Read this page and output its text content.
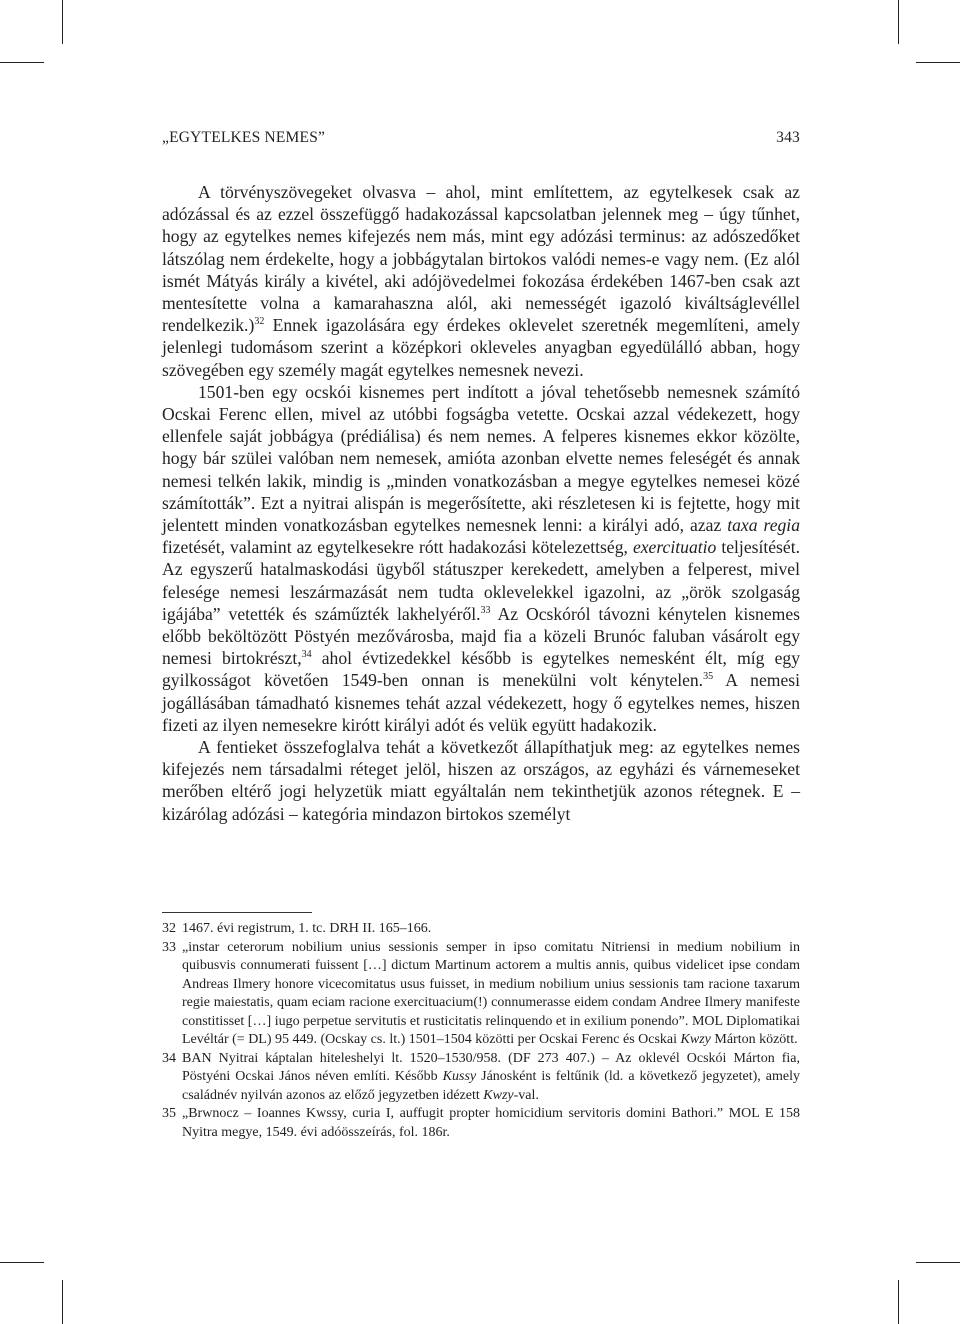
„EGYTELKES NEMES”	343

A törvényszövegeket olvasva – ahol, mint említettem, az egytelkesek csak az adózással és az ezzel összefüggő hadakozással kapcsolatban jelennek meg – úgy tűnhet, hogy az egytelkes nemes kifejezés nem más, mint egy adózási terminus: az adószedőket látszólag nem érdekelte, hogy a jobbágytalan birtokos valódi nemes-e vagy nem. (Ez alól ismét Mátyás király a kivétel, aki adójövedelmei fokozása érdekében 1467-ben csak azt mentesítette volna a kamarahaszna alól, aki nemességét igazoló kiváltságlevéllel rendelkezik.)$^{32}$ Ennek igazolására egy érdekes oklevelet szeretnék megemlíteni, amely jelenlegi tudomásom szerint a középkori okleveles anyagban egyedülálló abban, hogy szövegében egy személy magát egytelkes nemesnek nevezi.

1501-ben egy ocskói kisnemes pert indított a jóval tehetősebb nemesnek számító Ocskai Ferenc ellen, mivel az utóbbi fogságba vetette. Ocskai azzal védekezett, hogy ellenfele saját jobbágya (prédiálisa) és nem nemes. A felperes kisnemes ekkor közölte, hogy bár szülei valóban nem nemesek, amióta azonban elvette nemes feleségét és annak nemesi telkén lakik, mindig is „minden vonatkozásban a megye egytelkes nemesei közé számították”. Ezt a nyitrai alispán is megerősítette, aki részletesen ki is fejtette, hogy mit jelentett minden vonatkozásban egytelkes nemesnek lenni: a királyi adó, azaz taxa regia fizetését, valamint az egytelkesekre rótt hadakozási kötelezettség, exercituatio teljesítését. Az egyszerű hatalmaskodási ügyből státuszper kerekedett, amelyben a felperest, mivel felesége nemesi leszármazását nem tudta oklevelekkel igazolni, az „örök szolgaság igájába” vetették és száműzték lakhelyéről.$^{33}$ Az Ocskóról távozni kénytelen kisnemes előbb beköltözött Pöstyén mezővárosba, majd fia a közeli Brunóc faluban vásárolt egy nemesi birtokrészt,$^{34}$ ahol évtizedekkel később is egytelkes nemesként élt, míg egy gyilkosságot követően 1549-ben onnan is menekülni volt kénytelen.$^{35}$ A nemesi jogállásában támadható kisnemes tehát azzal védekezett, hogy ő egytelkes nemes, hiszen fizeti az ilyen nemesekre kirótt királyi adót és velük együtt hadakozik.

A fentieket összefoglalva tehát a következőt állapíthatjuk meg: az egytelkes nemes kifejezés nem társadalmi réteget jelöl, hiszen az országos, az egyházi és várnemeseket merőben eltérő jogi helyzetük miatt egyáltalán nem tekinthetjük azonos rétegnek. E – kizárólag adózási – kategória mindazon birtokos személyt

32 1467. évi registrum, 1. tc. DRH II. 165–166.
33 „instar ceterorum nobilium unius sessionis semper in ipso comitatu Nitriensi in medium nobilium in quibusvis connumerati fuissent […] dictum Martinum actorem a multis annis, quibus videlicet ipse condam Andreas Ilmery honore vicecomitatus usus fuisset, in medium nobilium unius sessionis tam racione taxarum regie maiestatis, quam eciam racione exercituacium(!) connumerasse eidem condam Andree Ilmery manifeste constitisset […] iugo perpetue servitutis et rusticitatis relinquendo et in exilium ponendo”. MOL Diplomatikai Levéltár (= DL) 95 449. (Ocskay cs. lt.) 1501–1504 közötti per Ocskai Ferenc és Ocskai Kwzy Márton között.
34 BAN Nyitrai káptalan hiteleshelyi lt. 1520–1530/958. (DF 273 407.) – Az oklevél Ocskói Márton fia, Pöstyéni Ocskai János néven említi. Később Kussy Jánosként is feltűnik (ld. a következő jegyzetet), amely családnév nyilván azonos az előző jegyzetben idézett Kwzy-val.
35 „Brwnocz – Ioannes Kwssy, curia I, auffugit propter homicidium servitoris domini Bathori.” MOL E 158 Nyitra megye, 1549. évi adóösszeírás, fol. 186r.
